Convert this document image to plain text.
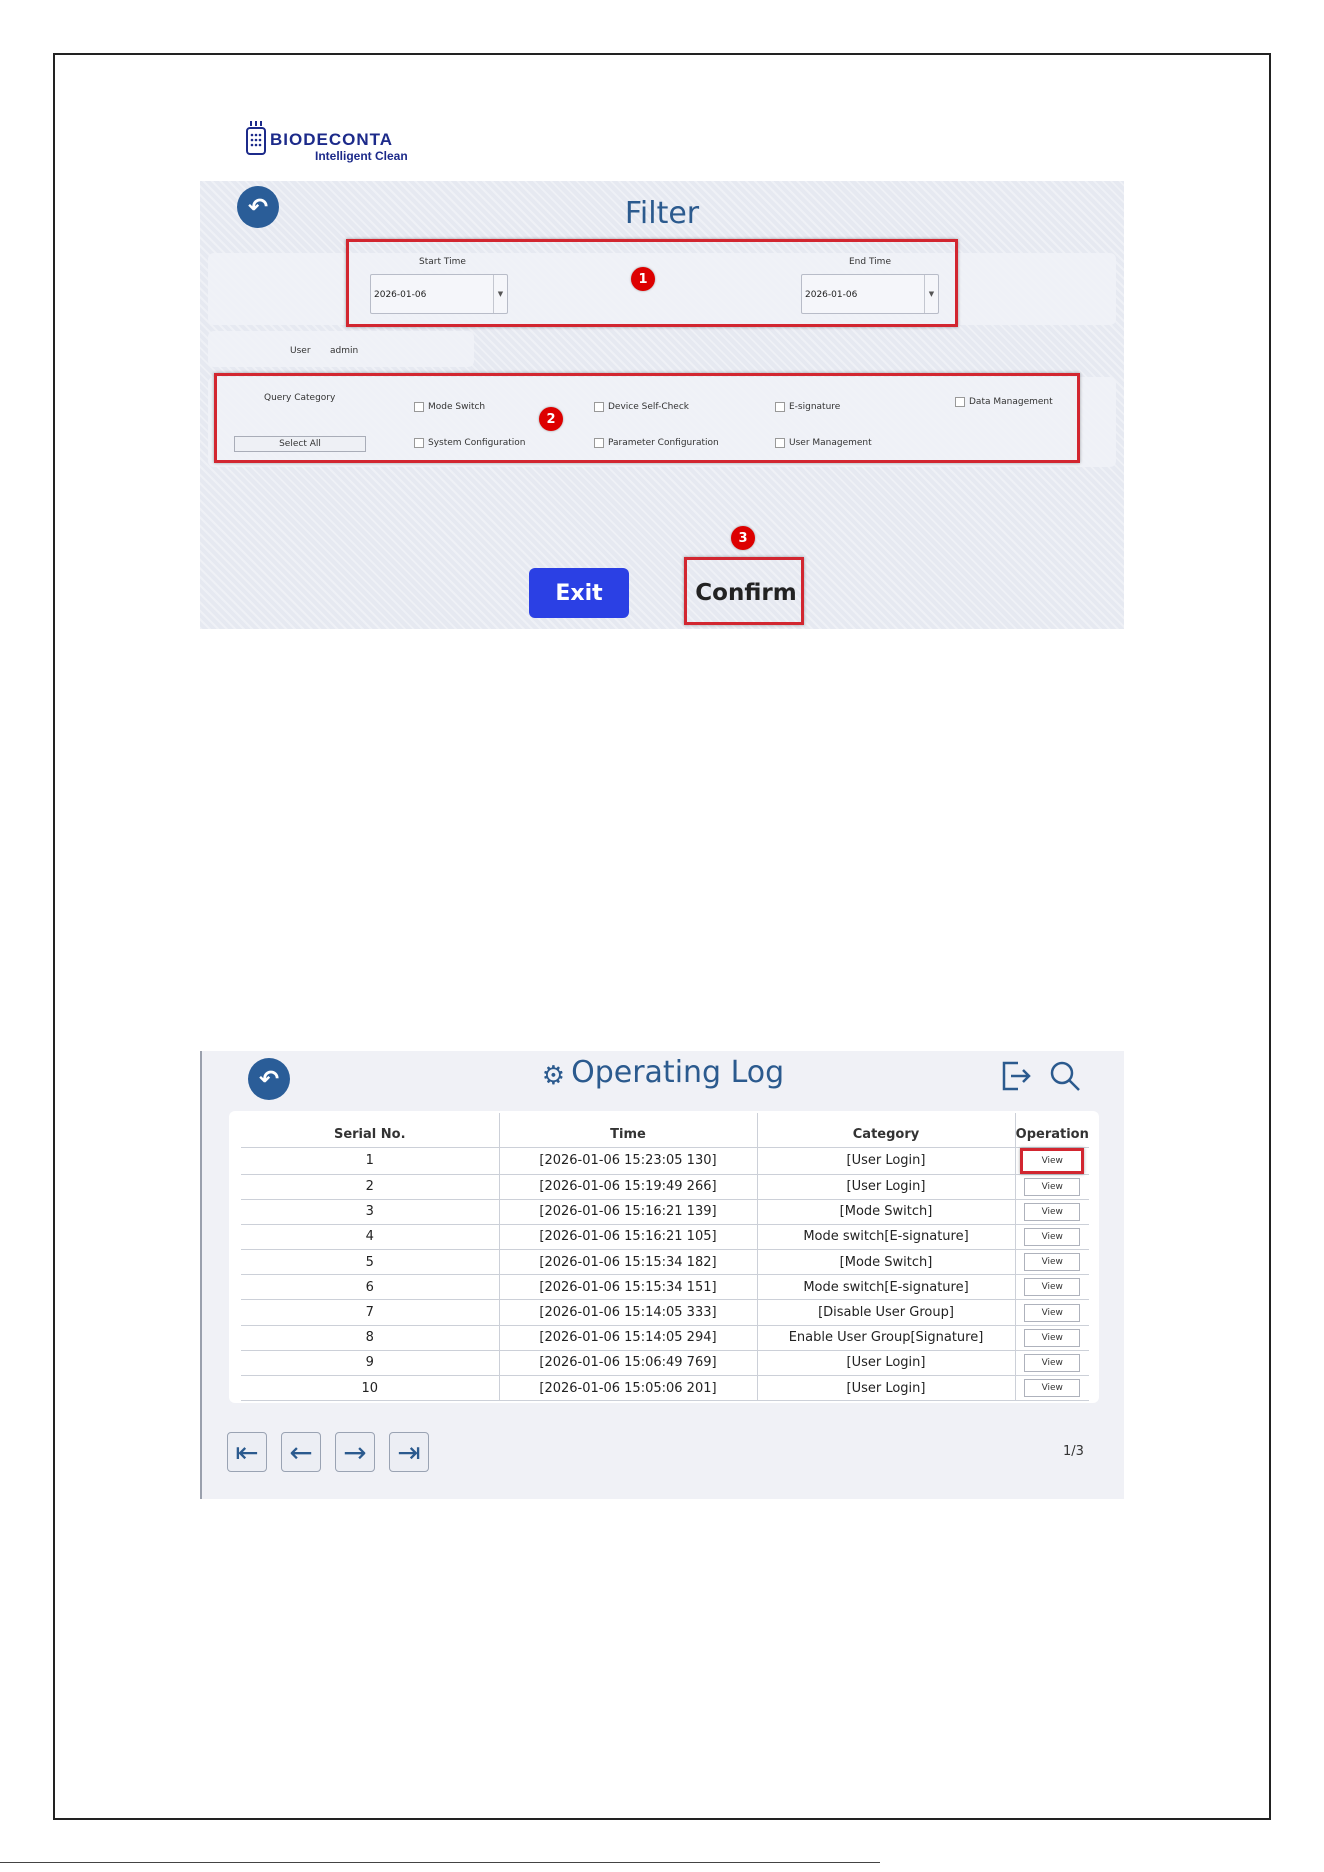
BIODECONTA
Intelligent Clean
↶	Filter
Start Time
2026-01-06	▼
End Time
2026-01-06	▼
1
User admin
Query Category
Select All
Mode Switch	Device Self-Check	E-signature	Data Management
System Configuration	Parameter Configuration	User Management
2
Exit	Confirm
3
↶	⚙ Operating Log
Serial No.	Time	Category	Operation
1	[2026-01-06 15:23:05 130]	[User Login]	View
2	[2026-01-06 15:19:49 266]	[User Login]	View
3	[2026-01-06 15:16:21 139]	[Mode Switch]	View
4	[2026-01-06 15:16:21 105]	Mode switch[E-signature]	View
5	[2026-01-06 15:15:34 182]	[Mode Switch]	View
6	[2026-01-06 15:15:34 151]	Mode switch[E-signature]	View
7	[2026-01-06 15:14:05 333]	[Disable User Group]	View
8	[2026-01-06 15:14:05 294]	Enable User Group[Signature]	View
9	[2026-01-06 15:06:49 769]	[User Login]	View
10	[2026-01-06 15:05:06 201]	[User Login]	View
⇤ ← → ⇥	1/3
